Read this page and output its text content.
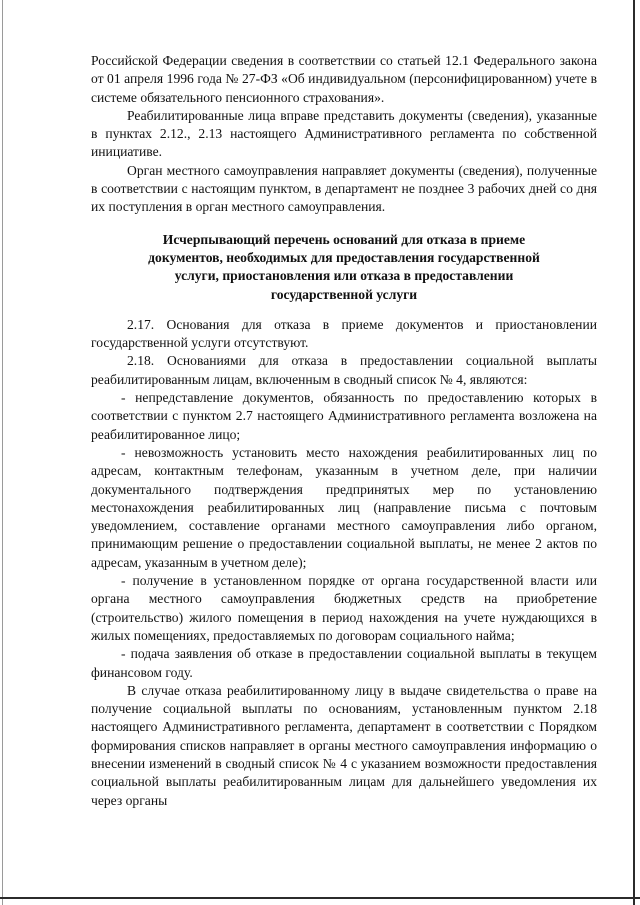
Российской Федерации сведения в соответствии со статьей 12.1 Федерального закона от 01 апреля 1996 года № 27-ФЗ «Об индивидуальном (персонифицированном) учете в системе обязательного пенсионного страхования».

Реабилитированные лица вправе представить документы (сведения), указанные в пунктах 2.12., 2.13 настоящего Административного регламента по собственной инициативе.

Орган местного самоуправления направляет документы (сведения), полученные в соответствии с настоящим пунктом, в департамент не позднее 3 рабочих дней со дня их поступления в орган местного самоуправления.

Исчерпывающий перечень оснований для отказа в приеме
документов, необходимых для предоставления государственной
услуги, приостановления или отказа в предоставлении
государственной услуги

2.17. Основания для отказа в приеме документов и приостановлении государственной услуги отсутствуют.

2.18. Основаниями для отказа в предоставлении социальной выплаты реабилитированным лицам, включенным в сводный список № 4, являются:

- непредставление документов, обязанность по предоставлению которых в соответствии с пунктом 2.7 настоящего Административного регламента возложена на реабилитированное лицо;

- невозможность установить место нахождения реабилитированных лиц по адресам, контактным телефонам, указанным в учетном деле, при наличии документального подтверждения предпринятых мер по установлению местонахождения реабилитированных лиц (направление письма с почтовым уведомлением, составление органами местного самоуправления либо органом, принимающим решение о предоставлении социальной выплаты, не менее 2 актов по адресам, указанным в учетном деле);

- получение в установленном порядке от органа государственной власти или органа местного самоуправления бюджетных средств на приобретение (строительство) жилого помещения в период нахождения на учете нуждающихся в жилых помещениях, предоставляемых по договорам социального найма;

- подача заявления об отказе в предоставлении социальной выплаты в текущем финансовом году.

В случае отказа реабилитированному лицу в выдаче свидетельства о праве на получение социальной выплаты по основаниям, установленным пунктом 2.18 настоящего Административного регламента, департамент в соответствии с Порядком формирования списков направляет в органы местного самоуправления информацию о внесении изменений в сводный список № 4 с указанием возможности предоставления социальной выплаты реабилитированным лицам для дальнейшего уведомления их через органы
